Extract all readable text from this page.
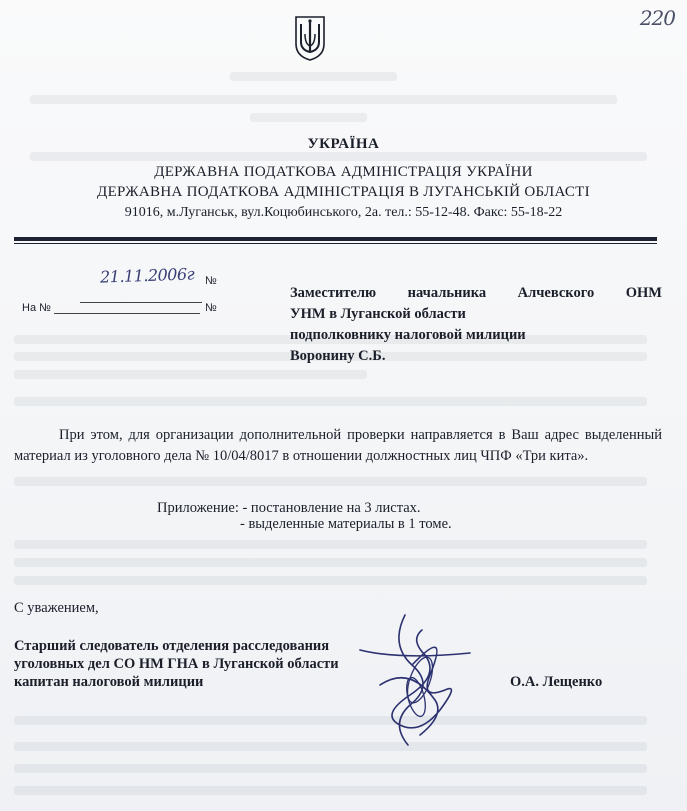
220
УКРАЇНА
ДЕРЖАВНА ПОДАТКОВА АДМІНІСТРАЦІЯ УКРАЇНИ
ДЕРЖАВНА ПОДАТКОВА АДМІНІСТРАЦІЯ В ЛУГАНСЬКІЙ ОБЛАСТІ
91016, м.Луганськ, вул.Коцюбинського, 2а. тел.: 55-12-48. Факс: 55-18-22
21.11.2006г №
На №	№
Заместителю начальника Алчевского ОНМ
УНМ в Луганской области
подполковнику налоговой милиции
Воронину С.Б.
При этом, для организации дополнительной проверки направляется в Ваш адрес выделенный материал из уголовного дела № 10/04/8017 в отношении должностных лиц ЧПФ «Три кита».
Приложение: - постановление на 3 листах.
- выделенные материалы в 1 томе.
С уважением,
Старший следователь отделения расследования
уголовных дел СО НМ ГНА в Луганской области
капитан налоговой милиции	О.А. Лещенко
